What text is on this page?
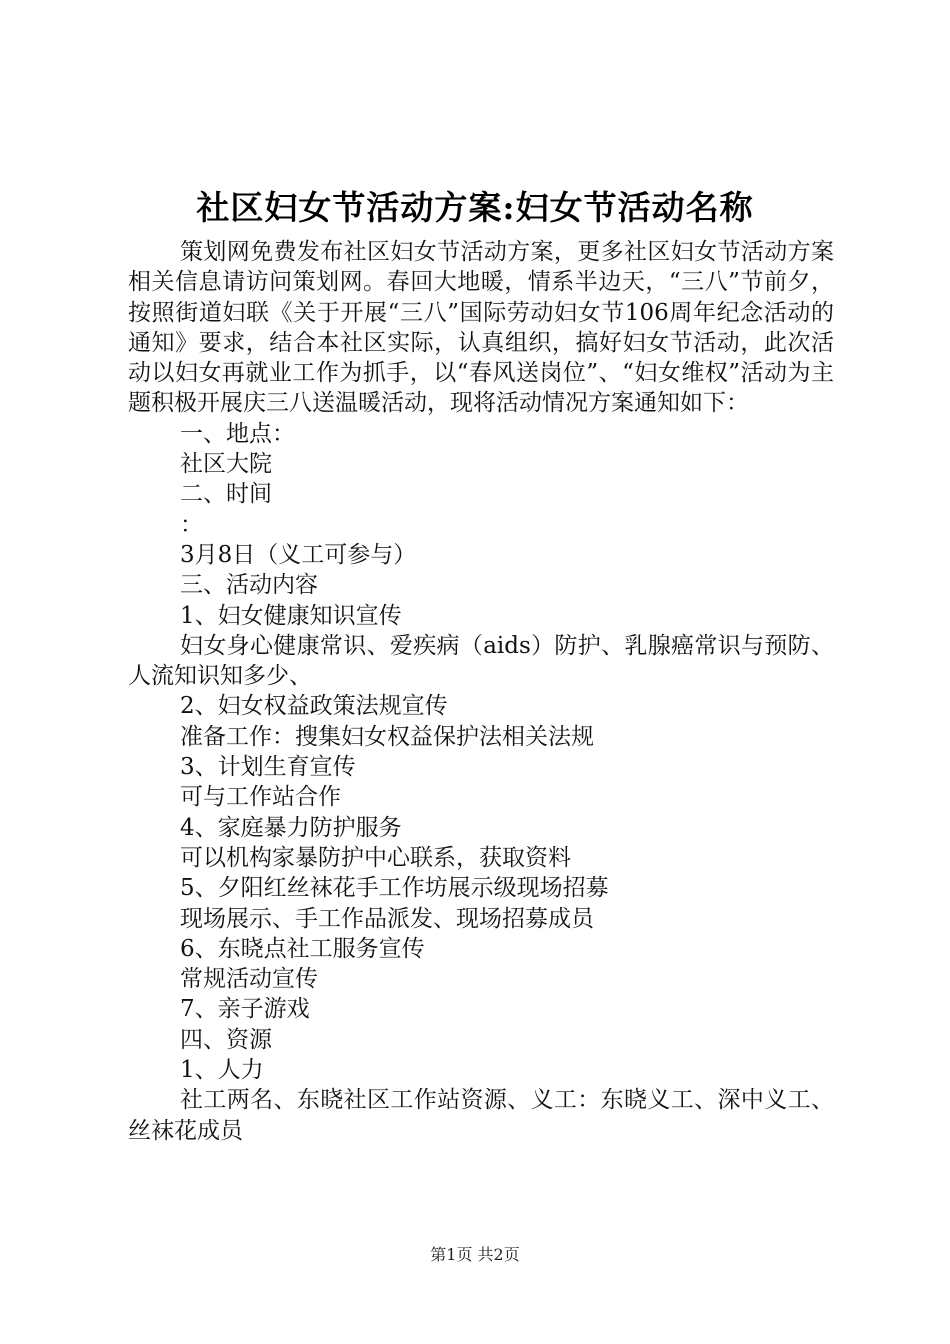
社区妇女节活动方案:妇女节活动名称

策划网免费发布社区妇女节活动方案，更多社区妇女节活动方案相关信息请访问策划网。春回大地暖，情系半边天，“三八”节前夕，按照街道妇联《关于开展“三八”国际劳动妇女节106周年纪念活动的通知》要求，结合本社区实际，认真组织，搞好妇女节活动，此次活动以妇女再就业工作为抓手，以“春风送岗位”、“妇女维权”活动为主题积极开展庆三八送温暖活动，现将活动情况方案通知如下：

一、地点：

社区大院

二、时间

：

3月8日（义工可参与）

三、活动内容

1、妇女健康知识宣传

妇女身心健康常识、爱疾病（aids）防护、乳腺癌常识与预防、人流知识知多少、

2、妇女权益政策法规宣传

准备工作：搜集妇女权益保护法相关法规

3、计划生育宣传

可与工作站合作

4、家庭暴力防护服务

可以机构家暴防护中心联系，获取资料

5、夕阳红丝袜花手工作坊展示级现场招募

现场展示、手工作品派发、现场招募成员

6、东晓点社工服务宣传

常规活动宣传

7、亲子游戏

四、资源

1、人力

社工两名、东晓社区工作站资源、义工：东晓义工、深中义工、丝袜花成员

第1页 共2页
